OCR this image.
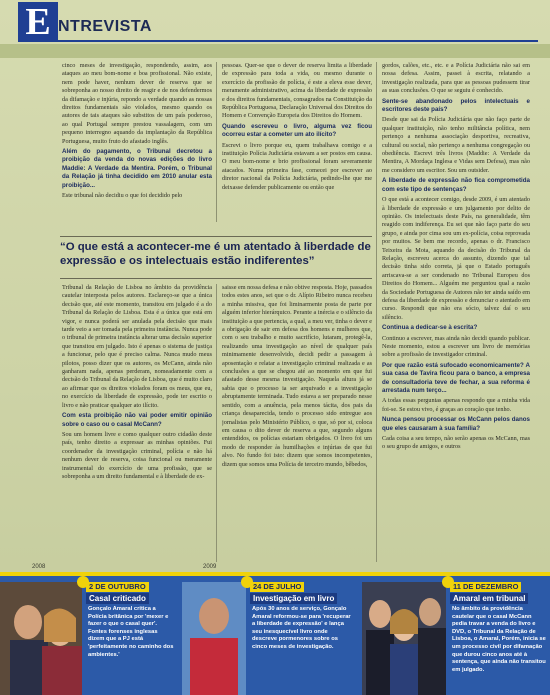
E NTREVISTA

cinco meses de investigação, respondendo, assim, aos ataques ao meu bom-nome e boa profissional. Não existe, nem pode haver, nenhum dever de reserva que se sobreponha ao nosso direito de reagir e de nos defendermos da difamação e injúria, repondo a verdade quando as nossas direitos fundamentais são violados, mesmo quando os autores de tais ataques são substitos de um país poderoso, ao qual Portugal sempre prestou vassalagem, com um pequeno interregno aquando da implantação da República Portuguesa, muito fruto do afastado inglês.

Além do pagamento, o Tribunal decretou a proibição da venda do novas edições do livro Maddie: A Verdade da Mentira. Porém, o Tribunal da Relação já tinha decidido em 2010 anular esta proibição...

Este tribunal não decidiu o que foi decidido pelo

pessoas. Quer-se que o dever de reserva limita a liberdade de expressão para toda a vida, ou mesmo durante o exercício da profissão de polícia, é este a eleva esse dever, meramente administrativo, acima da liberdade de expressão e dos direitos fundamentais, consagrados na Constituição da República Portuguesa, Declaração Universal dos Direitos do Homem e Convenção Europeia dos Direitos do Homem.

Quando escreveu o livro, alguma vez ficou ocorreu estar a cometer um ato ilícito?

Escrevi o livro porque eu, quem trabalhava comigo e a instituição Polícia Judiciária estavam a ser postos em causa. O meu bom-nome e brio profissional foram severamente atacados. Numa primeira fase, comecei por escrever ao diretor nacional da Polícia Judiciária, pedindo-lhe que me deixasse defender publicamente ou então que

gordos, calões, etc., etc. e a Polícia Judiciária não sai em nossa defesa. Assim, passei à escrita, relatando a investigação realizada, para que as pessoas pudessem tirar as suas conclusões. O que se seguiu é conhecido.

Sente-se abandonado pelos intelectuais e escritores deste país?

Desde que sai da Polícia Judiciária que não faço parte de qualquer instituição, não tenho militância política, nem pertenço a nenhuma associação desportiva, recreativa, cultural ou social, não pertenço a nenhuma congregação ou obediência. Escrevi três livros (Maddie: A Verdade da Mentira, A Mordaça Inglesa e Vidas sem Defesa), mas não me considero um escritor. Sou um outsider.

A liberdade de expressão não fica comprometida com este tipo de sentenças?

O que está a acontecer comigo, desde 2009, é um atentado à liberdade de expressão e um julgamento por delito de opinião. Os intelectuais deste País, na generalidade, têm reagido com indiferença. Eu sei que não faço parte do seu grupo, e ainda por cima sou um ex-polícia, coisa reprovada por muitos. Se bem me recordo, apenas o dr. Francisco Teixeira da Mota, aquando da decisão do Tribunal da Relação, escreveu acerca do assunto, dizendo que tal decisão tinha sido correta, já que o Estado português arriscava-se a ser condenado no Tribunal Europeu dos Direitos do Homem... Alguém me perguntou qual a razão da Sociedade Portuguesa de Autores não ter ainda saído em defesa da liberdade de expressão e denunciar o atentado em curso. Respondi que não era sócio, talvez daí o seu silêncio.

Continua a dedicar-se à escrita?

Continuo a escrever, mas ainda não decidi quando publicar. Neste momento, estou a escrever um livro de memórias sobre a profissão de investigador criminal.

Por que razão está sufocado economicamente? A sua casa de Tavira ficou para o banco, a empresa de consultadoria teve de fechar, a sua reforma é arrestada num terço...

A todas essas perguntas apenas respondo que a minha vida foi-se. Se estou vivo, é graças ao coração que tenho.

Nunca pensou processar os McCann pelos danos que eles causaram à sua família?

Cada coisa a seu tempo, não serão apenas os McCann, mas o seu grupo de amigos, e outros

“O que está a acontecer-me é um atentado à liberdade de expressão e os intelectuais estão indiferentes”

Tribunal da Relação de Lisboa no âmbito da providência cautelar interposta pelos autores. Esclareço-se que a única decisão que, até este momento, transitou em julgado é a do Tribunal da Relação de Lisboa. Esta é a única que está em vigor, e nunca poderá ser anulada pela decisão que mais tarde veio a ser tomada pela primeira instância. Nunca pode o tribunal de primeira instância alterar uma decisão superior que transitou em julgado. Isto é apenas o sistema de justiça a funcionar, pelo que é preciso calma. Nunca mudo meus pilotos, posso dizer que os autores, os McCann, ainda não ganharam nada, apenas perderam, nomeadamente com a decisão do Tribunal da Relação de Lisboa, que é muito claro ao afirmar que os direitos violados foram os meus, que eu, no exercício da liberdade de expressão, pode ter escrito o livro e não praticar qualquer ato ilícito.

Com esta proibição não vai poder emitir opinião sobre o caso ou o casal McCann?

Sou um homem livre e como qualquer outro cidadão deste país, tenho direito a expressar as minhas opiniões. Fui coordenador da investigação criminal, polícia e não há nenhum dever de reserva, coisa funcional ou meramente instrumental do exercício de uma profissão, que se sobreponha a um direito fundamental e à liberdade de ex-

saisse em nossa defesa e não obtive resposta. Hoje, passados todos estes anos, sei que o dr. Alípio Ribeiro nunca recebeu a minha missiva, que foi liminarmente posta de parte por alguém inferior hierárquico. Perante a inércia e o silêncio da instituição a que pertencia, a qual, a meu ver, tinha o dever e a obrigação de sair em defesa dos homens e mulheres que, com o seu trabalho e muito sacrifício, lutaram, protegê-la, realizando uma investigação ao nível de qualquer país minimamente desenvolvido, decidi pedir a passagem à aposentação e relatar a investigação criminal realizada e as conclusões a que se chegou até ao momento em que fui afastado desse mesma investigação. Naquela altura já se sabia que o processo ia ser arquivado e a investigação abruptamente terminada. Tudo estava a ser preparado nesse sentido, com a anuência, pela menos tácita, dos pais da criança desaparecida, tendo o processo sido entregue aos jornalistas pelo Ministério Público, o que, só por si, coloca em causa o dito dever de reserva a que, segundo alguns entendidos, os polícias estariam obrigados. O livro foi um modo de responder às humilhações e injúrias de que fui alvo. No fundo foi isto: dizem que somos incompetentes, dizem que somos uma Polícia de terceiro mundo, bêbedos,

2008	2009
2 DE OUTUBRO
Casal criticado
Gonçalo Amaral critica a Polícia britânica por 'mexer e fazer o que o casal quer'. Fontes forenses inglesas dizem que a PJ está 'perfeitamente no caminho dos ambientes.'
24 DE JULHO
Investigação em livro
Após 30 anos de serviço, Gonçalo Amaral reformou-se para 'recuperar a liberdade de expressão' e lança seu inesquecível livro onde descreve pormenores sobre os cinco meses de investigação.
11 DE DEZEMBRO
Amaral em tribunal
No âmbito da providência cautelar que o casal McCann pedia travar a venda do livro e DVD, o Tribunal da Relação de Lisboa, o Amaral, Porém, inicia se um processo civil por difamação que durou cinco anos até à sentença, que ainda não transitou em julgado.
